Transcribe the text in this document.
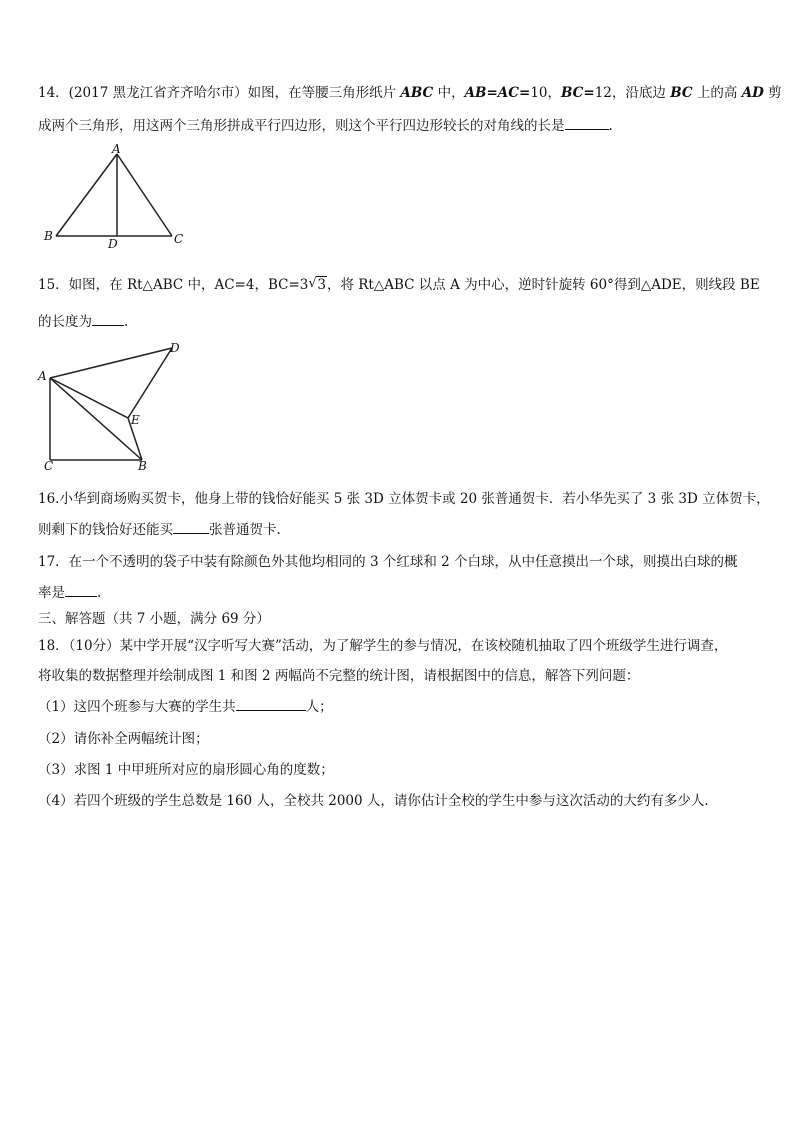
14．(2017 黑龙江省齐齐哈尔市）如图，在等腰三角形纸片 ABC 中，AB=AC=10，BC=12，沿底边 BC 上的高 AD 剪
成两个三角形，用这两个三角形拼成平行四边形，则这个平行四边形较长的对角线的长是	.
A
B
D	C
15．如图，在 Rt△ABC 中，AC=4，BC=3√ 3，将 Rt△ABC 以点 A 为中心，逆时针旋转 60°得到△ADE，则线段 BE
的长度为 .
A
D
E
C	B
16.小华到商场购买贺卡，他身上带的钱恰好能买 5 张 3D 立体贺卡或 20 张普通贺卡．若小华先买了 3 张 3D 立体贺卡，
则剩下的钱恰好还能买	张普通贺卡.
17．在一个不透明的袋子中装有除颜色外其他均相同的 3 个红球和 2 个白球，从中任意摸出一个球，则摸出白球的概
率是 .
三、解答题（共 7 小题，满分 69 分）
18．（10分）某中学开展“汉字听写大赛”活动，为了解学生的参与情况，在该校随机抽取了四个班级学生进行调查，
将收集的数据整理并绘制成图 1 和图 2 两幅尚不完整的统计图，请根据图中的信息，解答下列问题：
（1）这四个班参与大赛的学生共	人；
（2）请你补全两幅统计图；
（3）求图 1 中甲班所对应的扇形圆心角的度数；
（4）若四个班级的学生总数是 160 人，全校共 2000 人，请你估计全校的学生中参与这次活动的大约有多少人.
